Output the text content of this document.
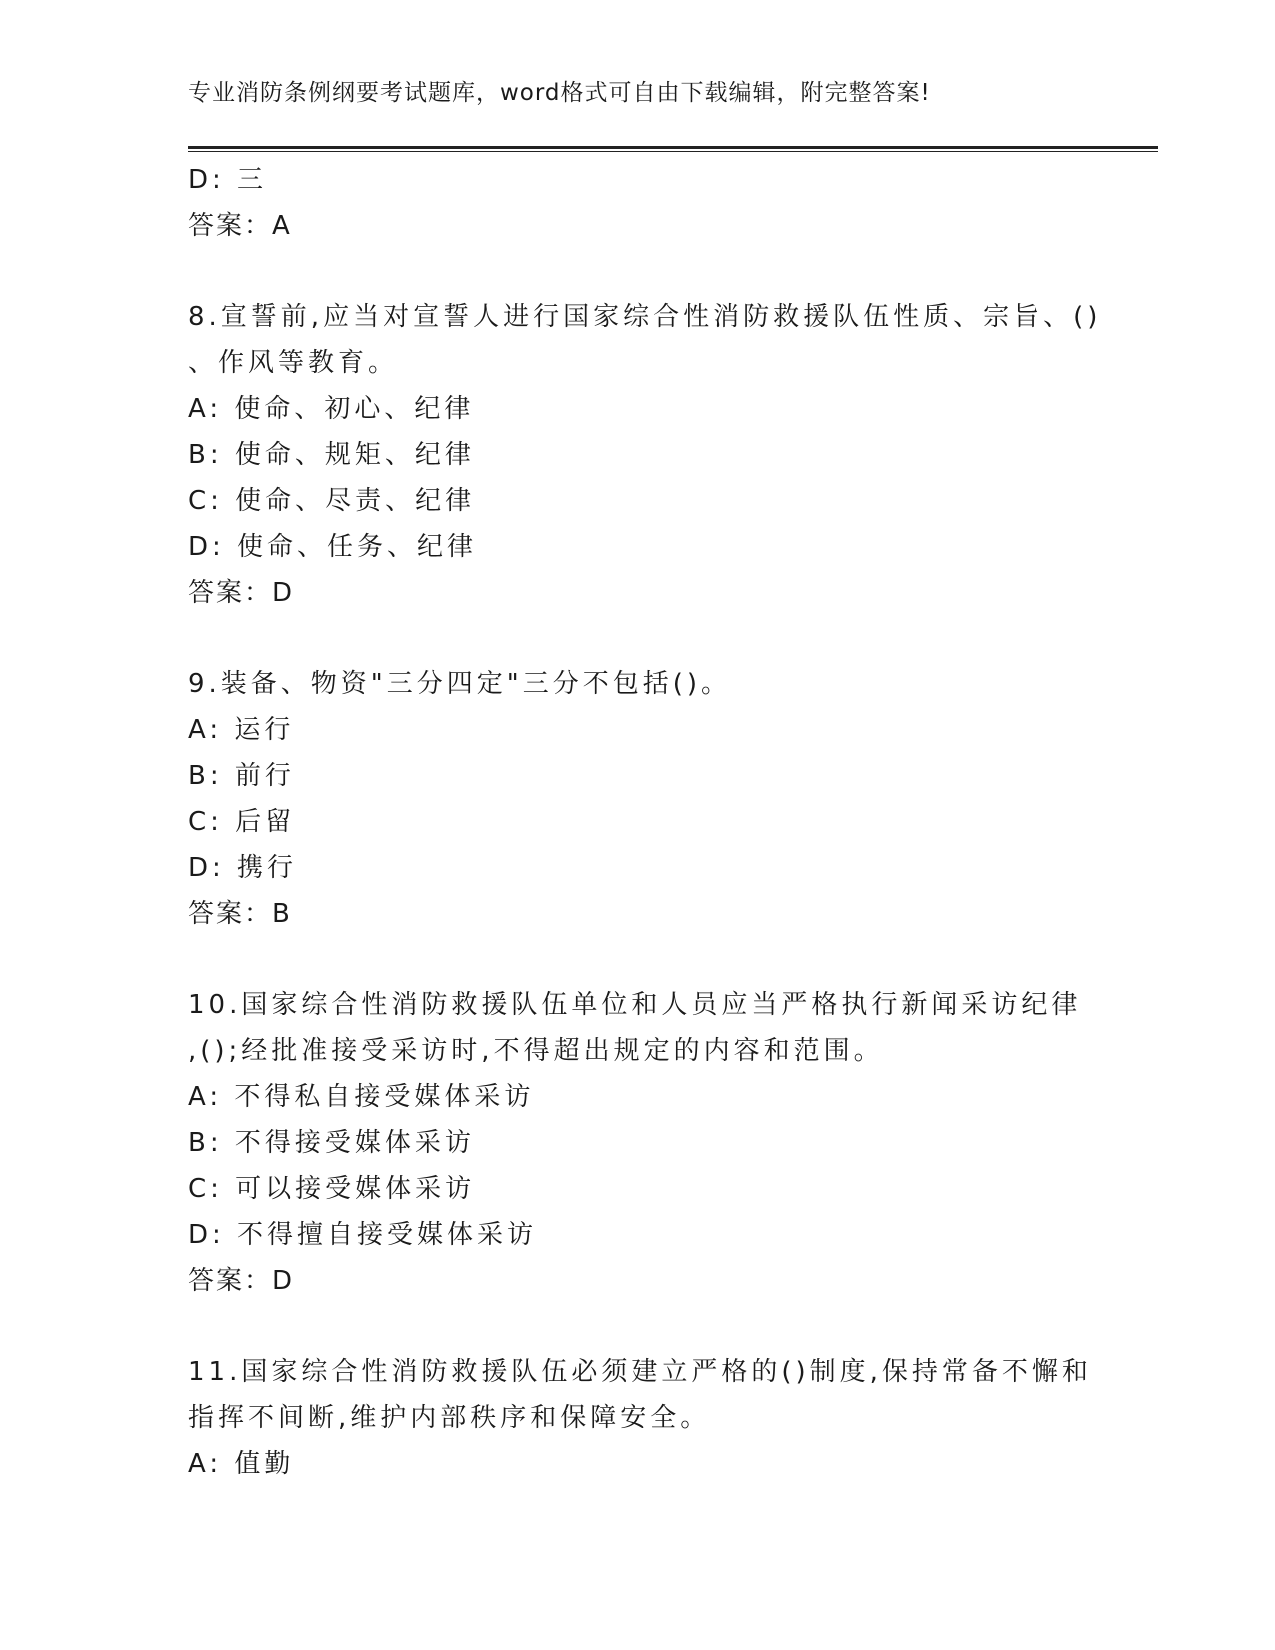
专业消防条例纲要考试题库，word格式可自由下载编辑，附完整答案!
D: 三
答案：A
8.宣誓前,应当对宣誓人进行国家综合性消防救援队伍性质、宗旨、()
、作风等教育。
A: 使命、初心、纪律
B: 使命、规矩、纪律
C: 使命、尽责、纪律
D: 使命、任务、纪律
答案：D
9.装备、物资"三分四定"三分不包括()。
A: 运行
B: 前行
C: 后留
D: 携行
答案：B
10.国家综合性消防救援队伍单位和人员应当严格执行新闻采访纪律
,();经批准接受采访时,不得超出规定的内容和范围。
A: 不得私自接受媒体采访
B: 不得接受媒体采访
C: 可以接受媒体采访
D: 不得擅自接受媒体采访
答案：D
11.国家综合性消防救援队伍必须建立严格的()制度,保持常备不懈和
指挥不间断,维护内部秩序和保障安全。
A: 值勤
